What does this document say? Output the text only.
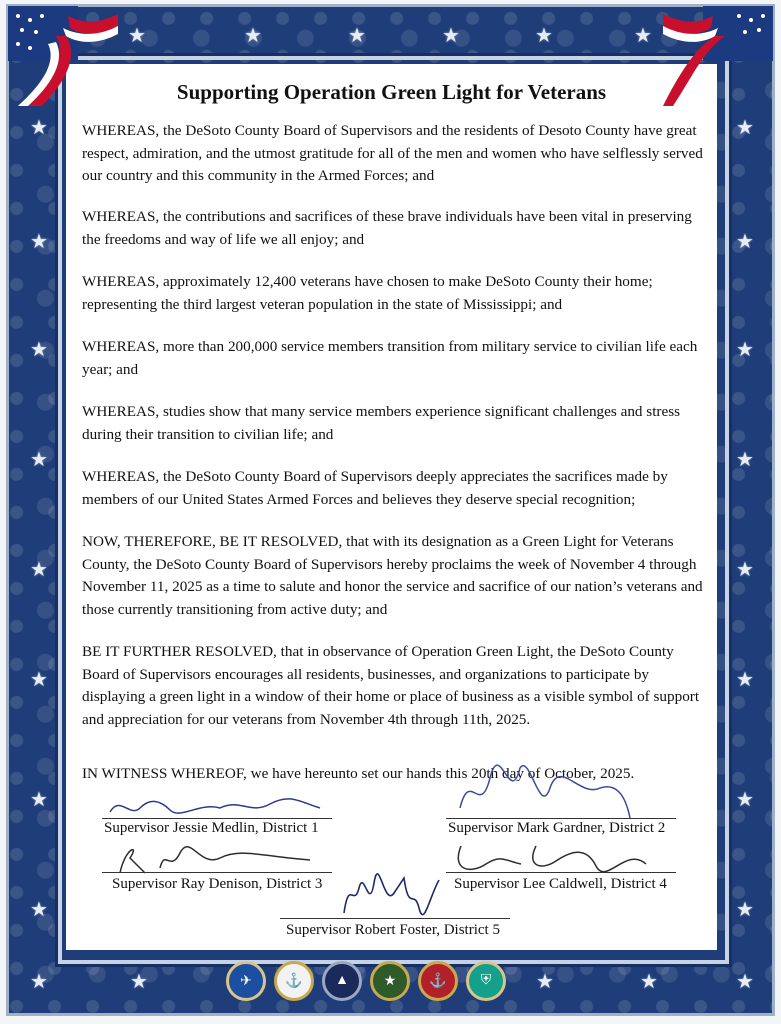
★	★	★	★	★	★
★
★
★
★
★
★
★
★
★
★
★
★
★
★
★
★
★	★	★	★	★
Supporting Operation Green Light for Veterans
WHEREAS, the DeSoto County Board of Supervisors and the residents of Desoto County have great respect, admiration, and the utmost gratitude for all of the men and women who have selflessly served our country and this community in the Armed Forces; and
WHEREAS, the contributions and sacrifices of these brave individuals have been vital in preserving the freedoms and way of life we all enjoy; and
WHEREAS, approximately 12,400 veterans have chosen to make DeSoto County their home; representing the third largest veteran population in the state of Mississippi; and
WHEREAS, more than 200,000 service members transition from military service to civilian life each year; and
WHEREAS, studies show that many service members experience significant challenges and stress during their transition to civilian life; and
WHEREAS, the DeSoto County Board of Supervisors deeply appreciates the sacrifices made by members of our United States Armed Forces and believes they deserve special recognition;
NOW, THEREFORE, BE IT RESOLVED, that with its designation as a Green Light for Veterans County, the DeSoto County Board of Supervisors hereby proclaims the week of November 4 through November 11, 2025 as a time to salute and honor the service and sacrifice of our nation’s veterans and those currently transitioning from active duty; and
BE IT FURTHER RESOLVED, that in observance of Operation Green Light, the DeSoto County Board of Supervisors encourages all residents, businesses, and organizations to participate by displaying a green light in a window of their home or place of business as a visible symbol of support and appreciation for our veterans from November 4th through 11th, 2025.
IN WITNESS WHEREOF, we have hereunto set our hands this 20th day of October, 2025.
Supervisor Jessie Medlin, District 1	Supervisor Mark Gardner, District 2
Supervisor Ray Denison, District 3	Supervisor Lee Caldwell, District 4
Supervisor Robert Foster, District 5
✈	⚓	▲	★	⚓	⛨
